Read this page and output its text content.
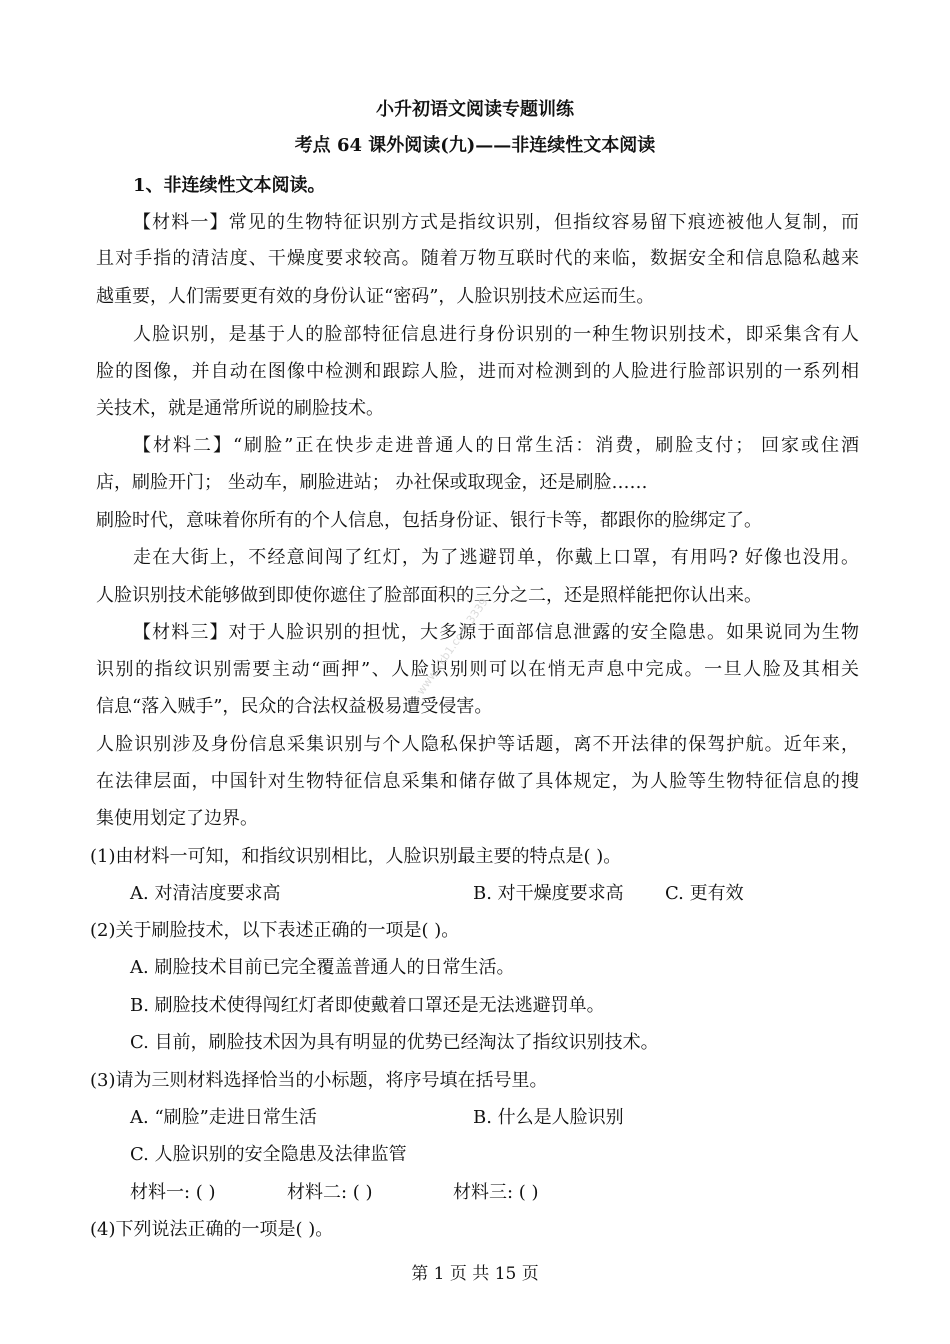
小升初语文阅读专题训练
考点 64 课外阅读(九)——非连续性文本阅读
1、非连续性文本阅读。
【材料一】常见的生物特征识别方式是指纹识别，但指纹容易留下痕迹被他人复制，而
且对手指的清洁度、干燥度要求较高。随着万物互联时代的来临，数据安全和信息隐私越来
越重要，人们需要更有效的身份认证“密码”，人脸识别技术应运而生。
人脸识别，是基于人的脸部特征信息进行身份识别的一种生物识别技术，即采集含有人
脸的图像，并自动在图像中检测和跟踪人脸，进而对检测到的人脸进行脸部识别的一系列相
关技术，就是通常所说的刷脸技术。
【材料二】“刷脸”正在快步走进普通人的日常生活：消费，刷脸支付； 回家或住酒
店，刷脸开门； 坐动车，刷脸进站； 办社保或取现金，还是刷脸……
刷脸时代，意味着你所有的个人信息，包括身份证、银行卡等，都跟你的脸绑定了。
走在大街上，不经意间闯了红灯，为了逃避罚单，你戴上口罩，有用吗? 好像也没用。
人脸识别技术能够做到即使你遮住了脸部面积的三分之二，还是照样能把你认出来。
【材料三】对于人脸识别的担忧，大多源于面部信息泄露的安全隐患。如果说同为生物
识别的指纹识别需要主动“画押”、人脸识别则可以在悄无声息中完成。一旦人脸及其相关
信息“落入贼手”，民众的合法权益极易遭受侵害。
人脸识别涉及身份信息采集识别与个人隐私保护等话题，离不开法律的保驾护航。近年来，
在法律层面，中国针对生物特征信息采集和储存做了具体规定，为人脸等生物特征信息的搜
集使用划定了边界。
(1)由材料一可知，和指纹识别相比，人脸识别最主要的特点是( )。
A. 对清洁度要求高	B. 对干燥度要求高 C. 更有效
(2)关于刷脸技术，以下表述正确的一项是( )。
A. 刷脸技术目前已完全覆盖普通人的日常生活。
B. 刷脸技术使得闯红灯者即使戴着口罩还是无法逃避罚单。
C. 目前，刷脸技术因为具有明显的优势已经淘汰了指纹识别技术。
(3)请为三则材料选择恰当的小标题，将序号填在括号里。
A. “刷脸”走进日常生活	B. 什么是人脸识别
C. 人脸识别的安全隐患及法律监管
材料一: ( )	材料二: ( )	材料三: ( )
(4)下列说法正确的一项是( )。
第 1 页 共 15 页
www.xkb1.com 3339
